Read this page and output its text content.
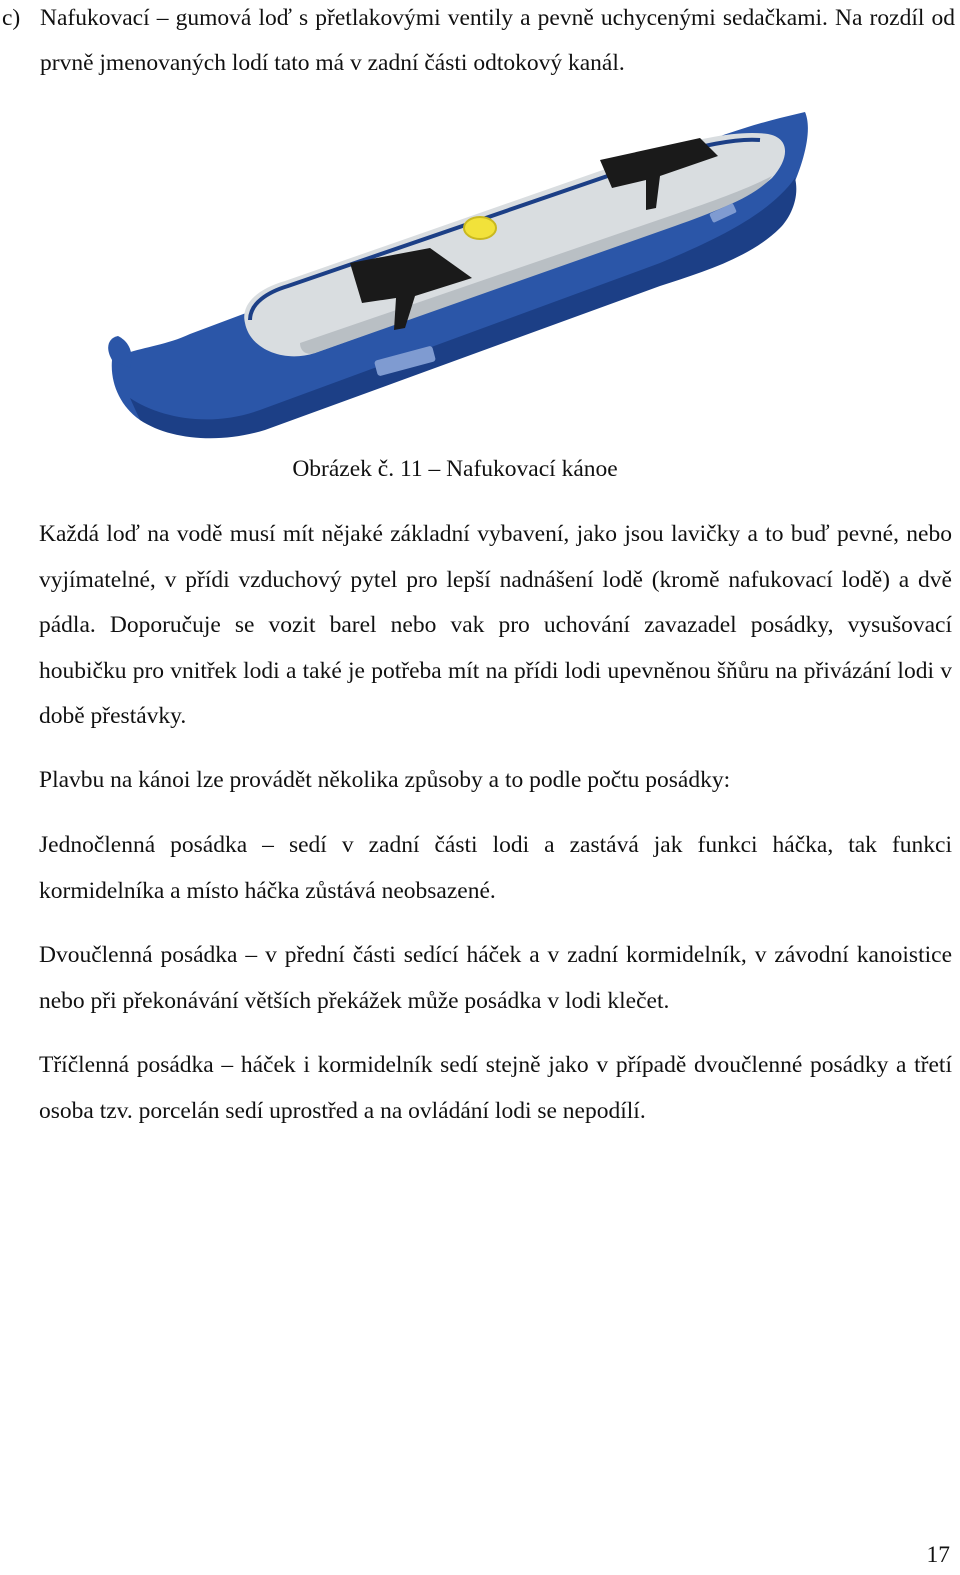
c) Nafukovací – gumová loď s přetlakovými ventily a pevně uchycenými sedačkami. Na rozdíl od prvně jmenovaných lodí tato má v zadní části odtokový kanál.
Obrázek č. 11 – Nafukovací kánoe

Každá loď na vodě musí mít nějaké základní vybavení, jako jsou lavičky a to buď pevné, nebo vyjímatelné, v přídi vzduchový pytel pro lepší nadnášení lodě (kromě nafukovací lodě) a dvě pádla. Doporučuje se vozit barel nebo vak pro uchování zavazadel posádky, vysušovací houbičku pro vnitřek lodi a také je potřeba mít na přídi lodi upevněnou šňůru na přivázání lodi v době přestávky.

Plavbu na kánoi lze provádět několika způsoby a to podle počtu posádky:

Jednočlenná posádka – sedí v zadní části lodi a zastává jak funkci háčka, tak funkci kormidelníka a místo háčka zůstává neobsazené.

Dvoučlenná posádka – v přední části sedící háček a v zadní kormidelník, v závodní kanoistice nebo při překonávání větších překážek může posádka v lodi klečet.

Tříčlenná posádka – háček i kormidelník sedí stejně jako v případě dvoučlenné posádky a třetí osoba tzv. porcelán sedí uprostřed a na ovládání lodi se nepodílí.

17
